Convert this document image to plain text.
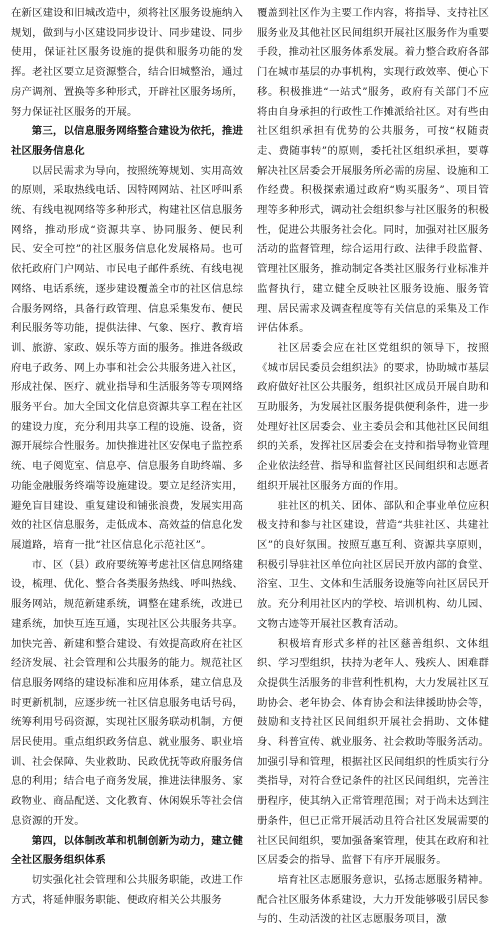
在新区建设和旧城改造中，须将社区服务设施纳入规划，做到与小区建设同步设计、同步建设、同步使用，保证社区服务设施的提供和服务功能的发挥。老社区要立足资源整合，结合旧城整治，通过房产调剂、置换等多种形式，开辟社区服务场所，努力保证社区服务的开展。

第三，以信息服务网络整合建设为依托，推进社区服务信息化

以居民需求为导向，按照统筹规划、实用高效的原则，采取热线电话、因特网网站、社区呼叫系统、有线电视网络等多种形式，构建社区信息服务网络，推动形成“资源共享、协同服务、便民利民、安全可控”的社区服务信息化发展格局。也可依托政府门户网站、市民电子邮件系统、有线电视网络、电话系统，逐步建设覆盖全市的社区信息综合服务网络，具备行政管理、信息采集发布、便民利民服务等功能，提供法律、气象、医疗、教育培训、旅游、家政、娱乐等方面的服务。推进各级政府电子政务、网上办事和社会公共服务进入社区，形成社保、医疗、就业指导和生活服务等专项网络服务平台。加大全国文化信息资源共享工程在社区的建设力度，充分利用共享工程的设施、设备，资源开展综合性服务。加快推进社区安保电子监控系统、电子阅览室、信息亭、信息服务自助终端、多功能金融服务终端等设施建设。要立足经济实用，避免盲目建设、重复建设和铺张浪费，发展实用高效的社区信息服务，走低成本、高效益的信息化发展道路，培育一批“社区信息化示范社区”。

市、区（县）政府要统筹考虑社区信息网络建设，梳理、优化、整合各类服务热线、呼叫热线、服务网站，规范新建系统，调整在建系统，改进已建系统，加快互连互通，实现社区公共服务共享。加快完善、新建和整合建设、有效提高政府在社区经济发展、社会管理和公共服务的能力。规范社区信息服务网络的建设标准和应用体系，建立信息及时更新机制，应逐步统一社区信息服务电话号码，统筹利用号码资源，实现社区服务联动机制，方便居民使用。重点组织政务信息、就业服务、职业培训、社会保障、失业救助、民政优抚等政府服务信息的利用；结合电子商务发展，推进法律服务、家政物业、商品配送、文化教育、休闲娱乐等社会信息资源的开发。

第四，以体制改革和机制创新为动力，建立健全社区服务组织体系

切实强化社会管理和公共服务职能，改进工作方式，将延伸服务职能、便政府相关公共服务

覆盖到社区作为主要工作内容，将指导、支持社区服务业及其他社区民间组织开展社区服务作为重要手段，推动社区服务体系发展。着力整合政府各部门在城市基层的办事机构，实现行政效率、便心下移。积极推进“一站式”服务，政府有关部门不应将由自身承担的行政性工作摊派给社区。对有些由社区组织承担有优势的公共服务，可按“权随责走、费随事转”的原则，委托社区组织承担，要尊解决社区居委会开展服务所必需的房屋、设施和工作经费。积极探索通过政府“购买服务”、项目管理等多种形式，调动社会组织参与社区服务的积极性，促进公共服务社会化。同时，加强对社区服务活动的监督管理，综合运用行政、法律手段监督、管理社区服务，推动制定各类社区服务行业标准并监督执行，建立健全反映社区服务设施、服务管理、居民需求及调查程度等有关信息的采集及工作评估体系。

社区居委会应在社区党组织的领导下，按照《城市居民委员会组织法》的要求，协助城市基层政府做好社区公共服务，组织社区成员开展自助和互助服务，为发展社区服务提供便利条件，进一步处理好社区居委会、业主委员会和其他社区民间组织的关系，发挥社区居委会在支持和指导物业管理企业依法经营、指导和监督社区民间组织和志愿者组织开展社区服务方面的作用。

驻社区的机关、团体、部队和企事业单位应积极支持和参与社区建设，营造“共驻社区、共建社区”的良好氛围。按照互惠互利、资源共享原则，积极引导驻社区单位向社区居民开放内部的食堂、浴室、卫生、文体和生活服务设施等向社区居民开放。充分利用社区内的学校、培训机构、幼儿园、文物古迹等开展社区教育活动。

积极培育形式多样的社区慈善组织、文体组织、学习型组织，扶持为老年人、残疾人、困难群众提供生活服务的非营利性机构，大力发展社区互助协会、老年协会、体育协会和法律援助协会等，鼓励和支持社区民间组织开展社会捐助、文体健身、科普宣传、就业服务、社会救助等服务活动。加强引导和管理，根据社区民间组织的性质实行分类指导，对符合登记条件的社区民间组织，完善注册程序，使其纳入正常管理范围；对于尚未达到注册条件，但已正常开展活动且符合社区发展需要的社区民间组织，要加强备案管理，使其在政府和社区居委会的指导、监督下有序开展服务。

培育社区志愿服务意识，弘扬志愿服务精神。配合社区服务体系建设，大力开发能够吸引居民参与的、生动活泼的社区志愿服务项目，激
